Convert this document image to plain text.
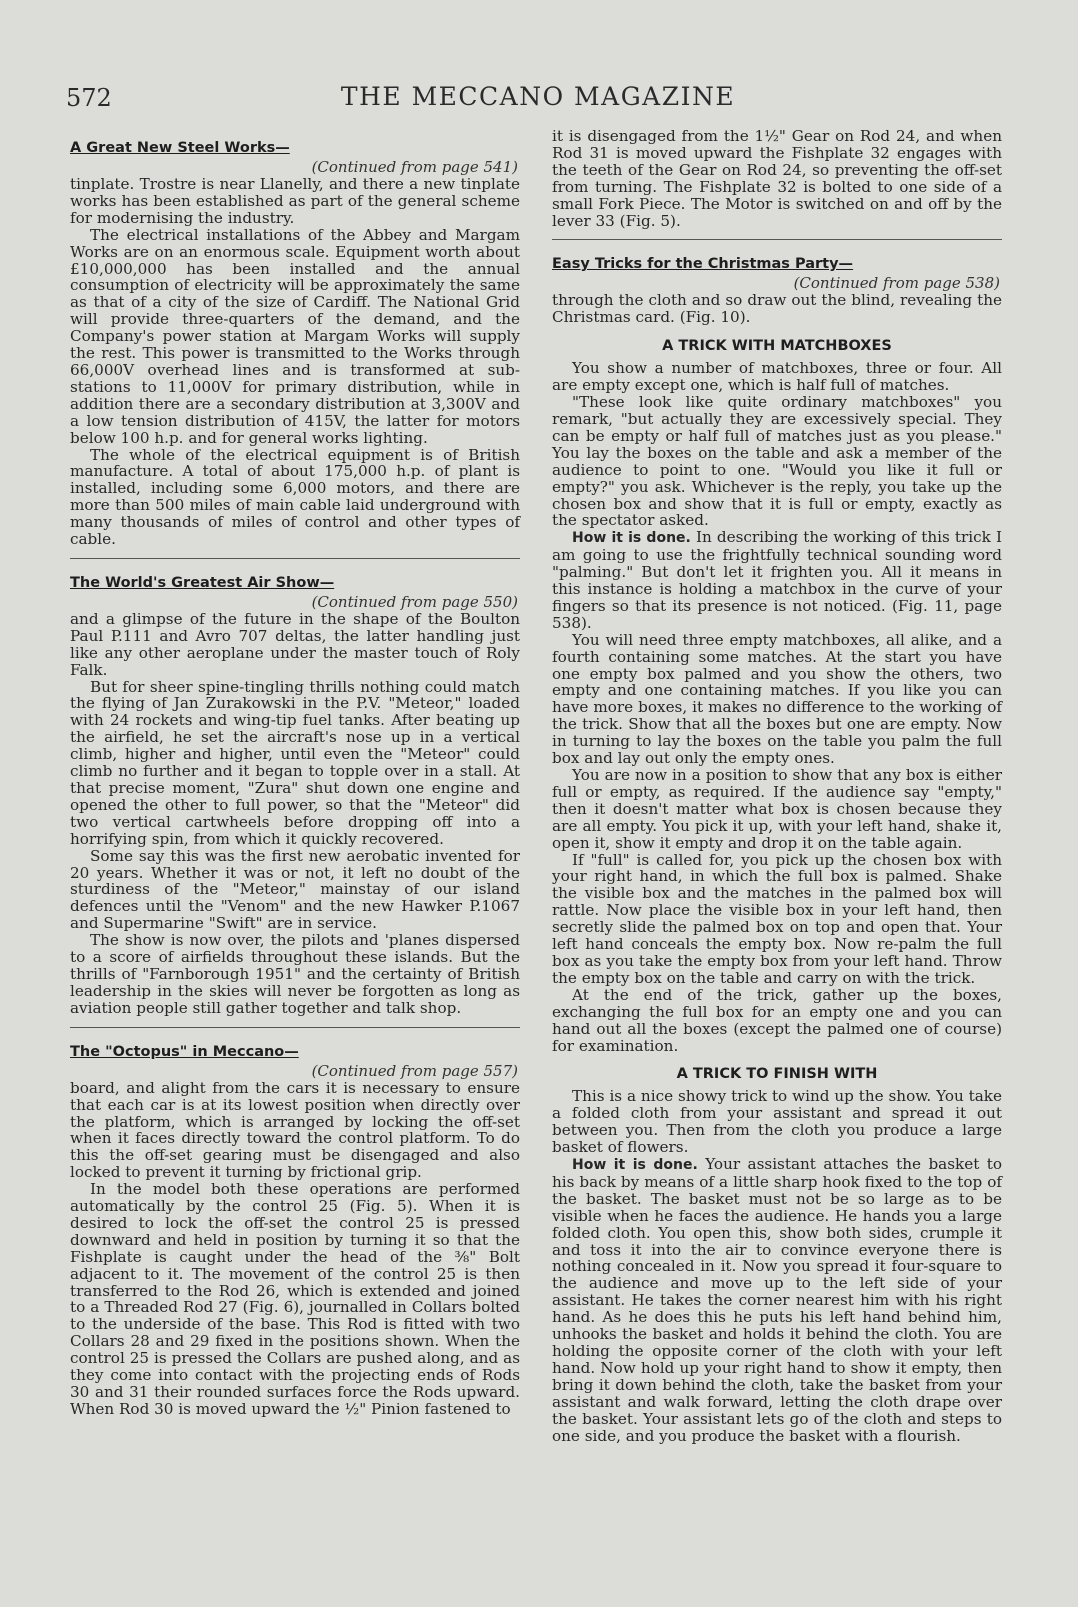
572	THE MECCANO MAGAZINE
A Great New Steel Works—
(Continued from page 541)

tinplate. Trostre is near Llanelly, and there a new tinplate works has been established as part of the general scheme for modernising the industry.

The electrical installations of the Abbey and Margam Works are on an enormous scale. Equipment worth about £10,000,000 has been installed and the annual consumption of electricity will be approximately the same as that of a city of the size of Cardiff. The National Grid will provide three-quarters of the demand, and the Company's power station at Margam Works will supply the rest. This power is transmitted to the Works through 66,000V overhead lines and is transformed at sub-stations to 11,000V for primary distribution, while in addition there are a secondary distribution at 3,300V and a low tension distribution of 415V, the latter for motors below 100 h.p. and for general works lighting.

The whole of the electrical equipment is of British manufacture. A total of about 175,000 h.p. of plant is installed, including some 6,000 motors, and there are more than 500 miles of main cable laid underground with many thousands of miles of control and other types of cable.

The World's Greatest Air Show—
(Continued from page 550)

and a glimpse of the future in the shape of the Boulton Paul P.111 and Avro 707 deltas, the latter handling just like any other aeroplane under the master touch of Roly Falk.

But for sheer spine-tingling thrills nothing could match the flying of Jan Zurakowski in the P.V. "Meteor," loaded with 24 rockets and wing-tip fuel tanks. After beating up the airfield, he set the aircraft's nose up in a vertical climb, higher and higher, until even the "Meteor" could climb no further and it began to topple over in a stall. At that precise moment, "Zura" shut down one engine and opened the other to full power, so that the "Meteor" did two vertical cartwheels before dropping off into a horrifying spin, from which it quickly recovered.

Some say this was the first new aerobatic invented for 20 years. Whether it was or not, it left no doubt of the sturdiness of the "Meteor," mainstay of our island defences until the "Venom" and the new Hawker P.1067 and Supermarine "Swift" are in service.

The show is now over, the pilots and 'planes dispersed to a score of airfields throughout these islands. But the thrills of "Farnborough 1951" and the certainty of British leadership in the skies will never be forgotten as long as aviation people still gather together and talk shop.

The "Octopus" in Meccano—
(Continued from page 557)

board, and alight from the cars it is necessary to ensure that each car is at its lowest position when directly over the platform, which is arranged by locking the off-set when it faces directly toward the control platform. To do this the off-set gearing must be disengaged and also locked to prevent it turning by frictional grip.

In the model both these operations are performed automatically by the control 25 (Fig. 5). When it is desired to lock the off-set the control 25 is pressed downward and held in position by turning it so that the Fishplate is caught under the head of the ⅜" Bolt adjacent to it. The movement of the control 25 is then transferred to the Rod 26, which is extended and joined to a Threaded Rod 27 (Fig. 6), journalled in Collars bolted to the underside of the base. This Rod is fitted with two Collars 28 and 29 fixed in the positions shown. When the control 25 is pressed the Collars are pushed along, and as they come into contact with the projecting ends of Rods 30 and 31 their rounded surfaces force the Rods upward. When Rod 30 is moved upward the ½" Pinion fastened to

it is disengaged from the 1½" Gear on Rod 24, and when Rod 31 is moved upward the Fishplate 32 engages with the teeth of the Gear on Rod 24, so preventing the off-set from turning. The Fishplate 32 is bolted to one side of a small Fork Piece. The Motor is switched on and off by the lever 33 (Fig. 5).

Easy Tricks for the Christmas Party—
(Continued from page 538)

through the cloth and so draw out the blind, revealing the Christmas card. (Fig. 10).

A TRICK WITH MATCHBOXES

You show a number of matchboxes, three or four. All are empty except one, which is half full of matches.

"These look like quite ordinary matchboxes" you remark, "but actually they are excessively special. They can be empty or half full of matches just as you please." You lay the boxes on the table and ask a member of the audience to point to one. "Would you like it full or empty?" you ask. Whichever is the reply, you take up the chosen box and show that it is full or empty, exactly as the spectator asked.

How it is done. In describing the working of this trick I am going to use the frightfully technical sounding word "palming." But don't let it frighten you. All it means in this instance is holding a matchbox in the curve of your fingers so that its presence is not noticed. (Fig. 11, page 538).

You will need three empty matchboxes, all alike, and a fourth containing some matches. At the start you have one empty box palmed and you show the others, two empty and one containing matches. If you like you can have more boxes, it makes no difference to the working of the trick. Show that all the boxes but one are empty. Now in turning to lay the boxes on the table you palm the full box and lay out only the empty ones.

You are now in a position to show that any box is either full or empty, as required. If the audience say "empty," then it doesn't matter what box is chosen because they are all empty. You pick it up, with your left hand, shake it, open it, show it empty and drop it on the table again.

If "full" is called for, you pick up the chosen box with your right hand, in which the full box is palmed. Shake the visible box and the matches in the palmed box will rattle. Now place the visible box in your left hand, then secretly slide the palmed box on top and open that. Your left hand conceals the empty box. Now re-palm the full box as you take the empty box from your left hand. Throw the empty box on the table and carry on with the trick.

At the end of the trick, gather up the boxes, exchanging the full box for an empty one and you can hand out all the boxes (except the palmed one of course) for examination.

A TRICK TO FINISH WITH

This is a nice showy trick to wind up the show. You take a folded cloth from your assistant and spread it out between you. Then from the cloth you produce a large basket of flowers.

How it is done. Your assistant attaches the basket to his back by means of a little sharp hook fixed to the top of the basket. The basket must not be so large as to be visible when he faces the audience. He hands you a large folded cloth. You open this, show both sides, crumple it and toss it into the air to convince everyone there is nothing concealed in it. Now you spread it four-square to the audience and move up to the left side of your assistant. He takes the corner nearest him with his right hand. As he does this he puts his left hand behind him, unhooks the basket and holds it behind the cloth. You are holding the opposite corner of the cloth with your left hand. Now hold up your right hand to show it empty, then bring it down behind the cloth, take the basket from your assistant and walk forward, letting the cloth drape over the basket. Your assistant lets go of the cloth and steps to one side, and you produce the basket with a flourish.
